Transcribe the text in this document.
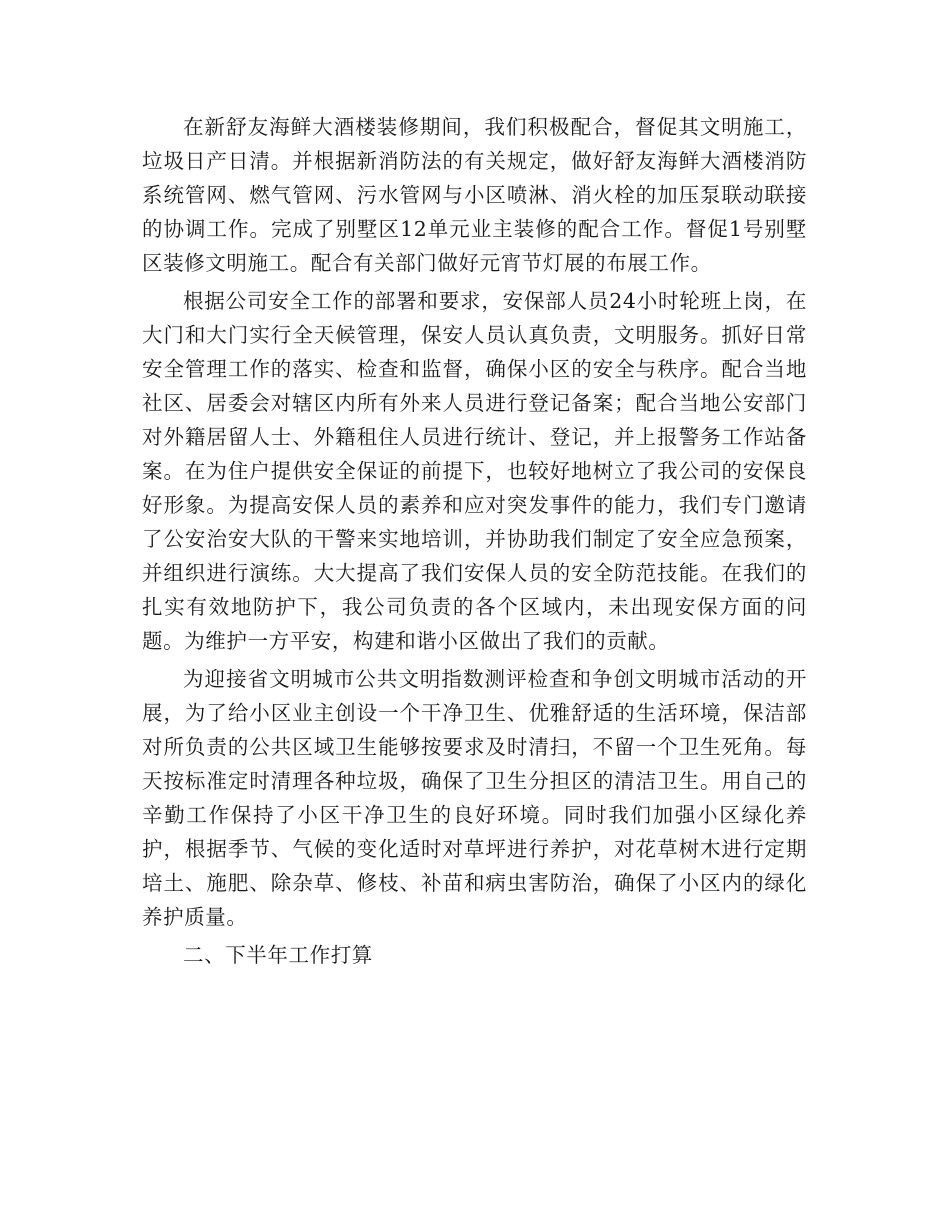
在新舒友海鲜大酒楼装修期间，我们积极配合，督促其文明施工，垃圾日产日清。并根据新消防法的有关规定，做好舒友海鲜大酒楼消防系统管网、燃气管网、污水管网与小区喷淋、消火栓的加压泵联动联接的协调工作。完成了别墅区12单元业主装修的配合工作。督促1号别墅区装修文明施工。配合有关部门做好元宵节灯展的布展工作。

根据公司安全工作的部署和要求，安保部人员24小时轮班上岗，在大门和大门实行全天候管理，保安人员认真负责，文明服务。抓好日常安全管理工作的落实、检查和监督，确保小区的安全与秩序。配合当地社区、居委会对辖区内所有外来人员进行登记备案；配合当地公安部门对外籍居留人士、外籍租住人员进行统计、登记，并上报警务工作站备案。在为住户提供安全保证的前提下，也较好地树立了我公司的安保良好形象。为提高安保人员的素养和应对突发事件的能力，我们专门邀请了公安治安大队的干警来实地培训，并协助我们制定了安全应急预案，并组织进行演练。大大提高了我们安保人员的安全防范技能。在我们的扎实有效地防护下，我公司负责的各个区域内，未出现安保方面的问题。为维护一方平安，构建和谐小区做出了我们的贡献。

为迎接省文明城市公共文明指数测评检查和争创文明城市活动的开展，为了给小区业主创设一个干净卫生、优雅舒适的生活环境，保洁部对所负责的公共区域卫生能够按要求及时清扫，不留一个卫生死角。每天按标准定时清理各种垃圾，确保了卫生分担区的清洁卫生。用自己的辛勤工作保持了小区干净卫生的良好环境。同时我们加强小区绿化养护，根据季节、气候的变化适时对草坪进行养护，对花草树木进行定期培土、施肥、除杂草、修枝、补苗和病虫害防治，确保了小区内的绿化养护质量。

二、下半年工作打算
